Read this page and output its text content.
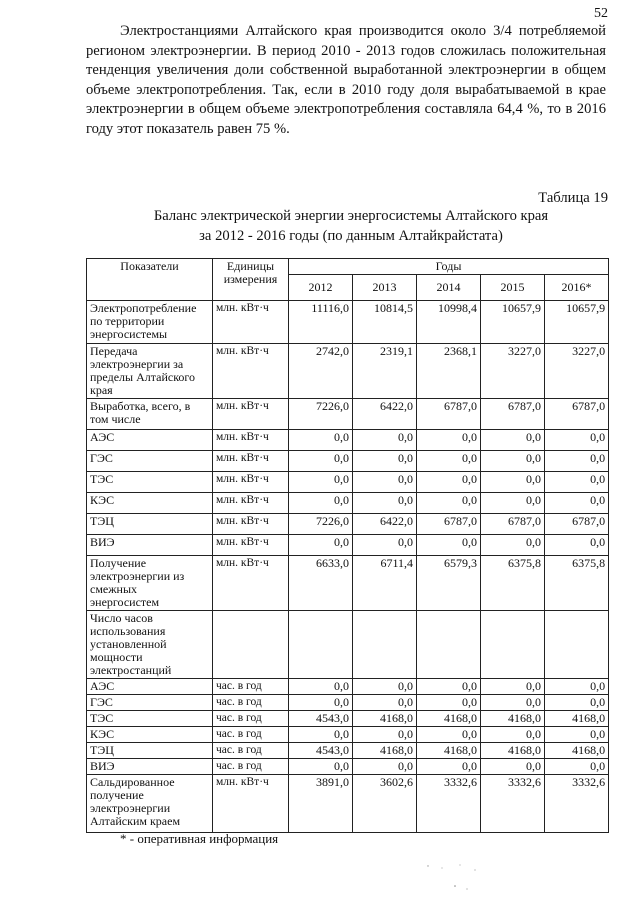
52

Электростанциями Алтайского края производится около 3/4 потребляемой регионом электроэнергии. В период 2010 - 2013 годов сложилась положительная тенденция увеличения доли собственной выработанной электроэнергии в общем объеме электропотребления. Так, если в 2010 году доля вырабатываемой в крае электроэнергии в общем объеме электропотребления составляла 64,4 %, то в 2016 году этот показатель равен 75 %.

Таблица 19
Баланс электрической энергии энергосистемы Алтайского края
за 2012 - 2016 годы (по данным Алтайкрайстата)
Показатели	Единицы измерения	Годы				
		2012	2013	2014	2015	2016*
Электропотребление по территории энергосистемы	млн. кВт·ч	11116,0	10814,5	10998,4	10657,9	10657,9
Передача электроэнергии за пределы Алтайского края	млн. кВт·ч	2742,0	2319,1	2368,1	3227,0	3227,0
Выработка, всего, в том числе	млн. кВт·ч	7226,0	6422,0	6787,0	6787,0	6787,0
АЭС	млн. кВт·ч	0,0	0,0	0,0	0,0	0,0
ГЭС	млн. кВт·ч	0,0	0,0	0,0	0,0	0,0
ТЭС	млн. кВт·ч	0,0	0,0	0,0	0,0	0,0
КЭС	млн. кВт·ч	0,0	0,0	0,0	0,0	0,0
ТЭЦ	млн. кВт·ч	7226,0	6422,0	6787,0	6787,0	6787,0
ВИЭ	млн. кВт·ч	0,0	0,0	0,0	0,0	0,0
Получение электроэнергии из смежных энергосистем	млн. кВт·ч	6633,0	6711,4	6579,3	6375,8	6375,8
Число часов использования установленной мощности электростанций						
АЭС	час. в год	0,0	0,0	0,0	0,0	0,0
ГЭС	час. в год	0,0	0,0	0,0	0,0	0,0
ТЭС	час. в год	4543,0	4168,0	4168,0	4168,0	4168,0
КЭС	час. в год	0,0	0,0	0,0	0,0	0,0
ТЭЦ	час. в год	4543,0	4168,0	4168,0	4168,0	4168,0
ВИЭ	час. в год	0,0	0,0	0,0	0,0	0,0
Сальдированное получение электроэнергии Алтайским краем	млн. кВт·ч	3891,0	3602,6	3332,6	3332,6	3332,6
* - оперативная информация
